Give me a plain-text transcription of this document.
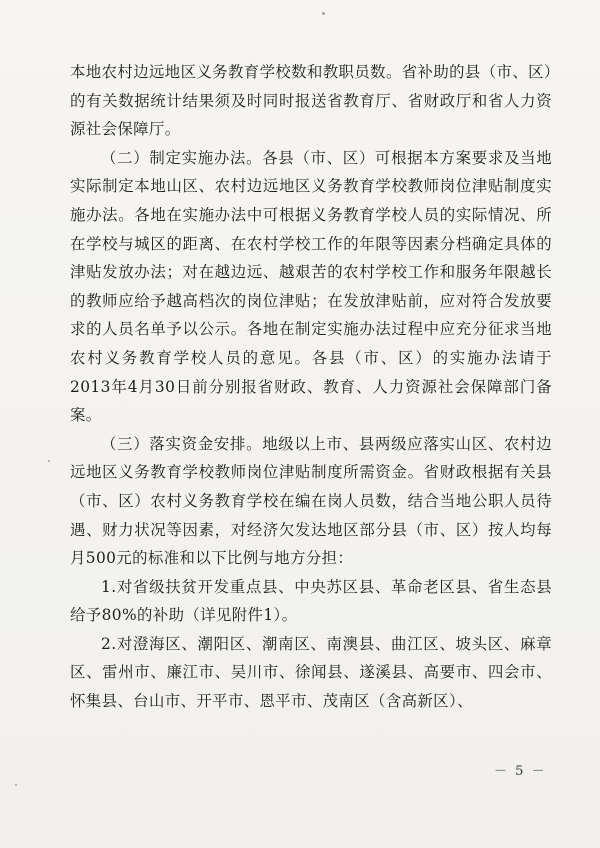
本地农村边远地区义务教育学校数和教职员数。省补助的县（市、区）的有关数据统计结果须及时同时报送省教育厅、省财政厅和省人力资源社会保障厅。

（二）制定实施办法。各县（市、区）可根据本方案要求及当地实际制定本地山区、农村边远地区义务教育学校教师岗位津贴制度实施办法。各地在实施办法中可根据义务教育学校人员的实际情况、所在学校与城区的距离、在农村学校工作的年限等因素分档确定具体的津贴发放办法；对在越边远、越艰苦的农村学校工作和服务年限越长的教师应给予越高档次的岗位津贴；在发放津贴前，应对符合发放要求的人员名单予以公示。各地在制定实施办法过程中应充分征求当地农村义务教育学校人员的意见。各县（市、区）的实施办法请于2013年4月30日前分别报省财政、教育、人力资源社会保障部门备案。

（三）落实资金安排。地级以上市、县两级应落实山区、农村边远地区义务教育学校教师岗位津贴制度所需资金。省财政根据有关县（市、区）农村义务教育学校在编在岗人员数，结合当地公职人员待遇、财力状况等因素，对经济欠发达地区部分县（市、区）按人均每月500元的标准和以下比例与地方分担：

1.对省级扶贫开发重点县、中央苏区县、革命老区县、省生态县给予80%的补助（详见附件1）。

2.对澄海区、潮阳区、潮南区、南澳县、曲江区、坡头区、麻章区、雷州市、廉江市、吴川市、徐闻县、遂溪县、高要市、四会市、怀集县、台山市、开平市、恩平市、茂南区（含高新区）、

－ 5 －
